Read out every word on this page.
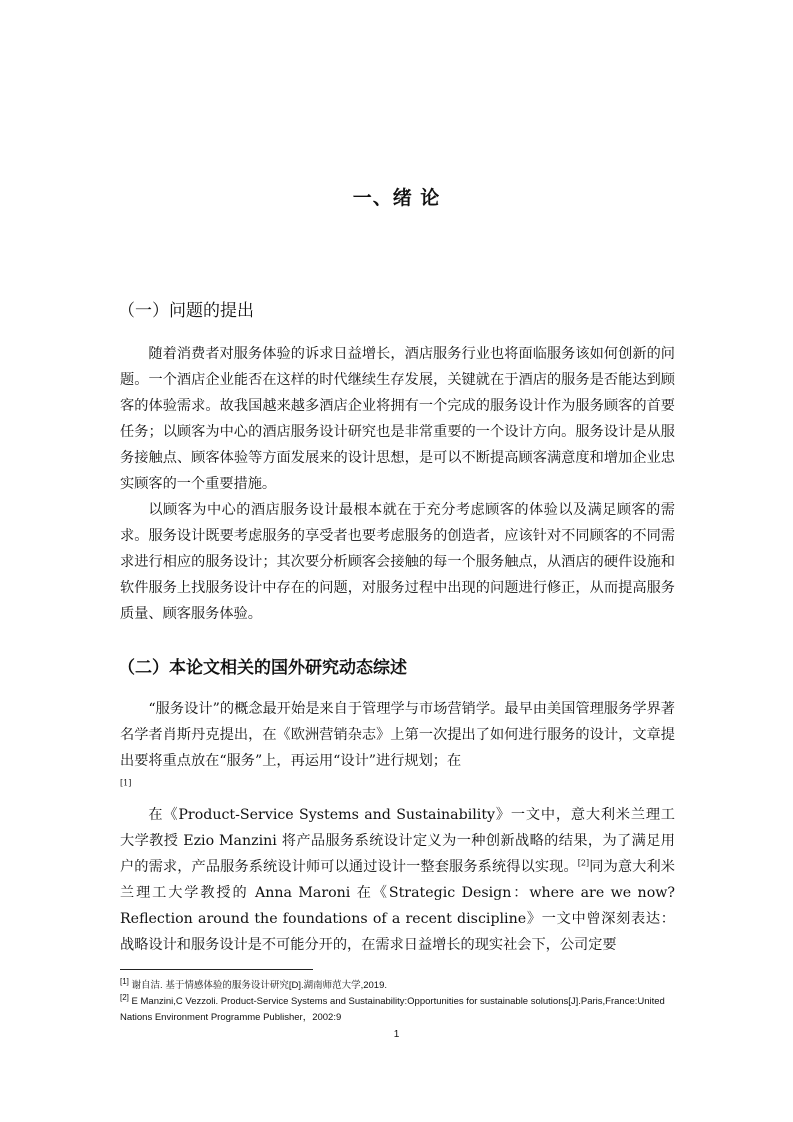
一、绪 论
（一）问题的提出

随着消费者对服务体验的诉求日益增长，酒店服务行业也将面临服务该如何创新的问题。一个酒店企业能否在这样的时代继续生存发展，关键就在于酒店的服务是否能达到顾客的体验需求。故我国越来越多酒店企业将拥有一个完成的服务设计作为服务顾客的首要任务；以顾客为中心的酒店服务设计研究也是非常重要的一个设计方向。服务设计是从服务接触点、顾客体验等方面发展来的设计思想，是可以不断提高顾客满意度和增加企业忠实顾客的一个重要措施。

以顾客为中心的酒店服务设计最根本就在于充分考虑顾客的体验以及满足顾客的需求。服务设计既要考虑服务的享受者也要考虑服务的创造者，应该针对不同顾客的不同需求进行相应的服务设计；其次要分析顾客会接触的每一个服务触点，从酒店的硬件设施和软件服务上找服务设计中存在的问题，对服务过程中出现的问题进行修正，从而提高服务质量、顾客服务体验。

（二）本论文相关的国外研究动态综述

“服务设计”的概念最开始是来自于管理学与市场营销学。最早由美国管理服务学界著名学者肖斯丹克提出，在《欧洲营销杂志》上第一次提出了如何进行服务的设计，文章提出要将重点放在“服务”上，再运用“设计”进行规划；在
[1]

在《Product-Service Systems and Sustainability》一文中，意大利米兰理工大学教授 Ezio Manzini 将产品服务系统设计定义为一种创新战略的结果，为了满足用户的需求，产品服务系统设计师可以通过设计一整套服务系统得以实现。[2]同为意大利米兰理工大学教授的 Anna Maroni 在《Strategic Design：where are we now? Reflection around the foundations of a recent discipline》一文中曾深刻表达：战略设计和服务设计是不可能分开的，在需求日益增长的现实社会下，公司定要

[1] 谢自洁. 基于情感体验的服务设计研究[D].湖南师范大学,2019.
[2] E Manzini,C Vezzoli. Product-Service Systems and Sustainability:Opportunities for sustainable solutions[J].Paris,France:United Nations Environment Programme Publisher，2002:9
1
